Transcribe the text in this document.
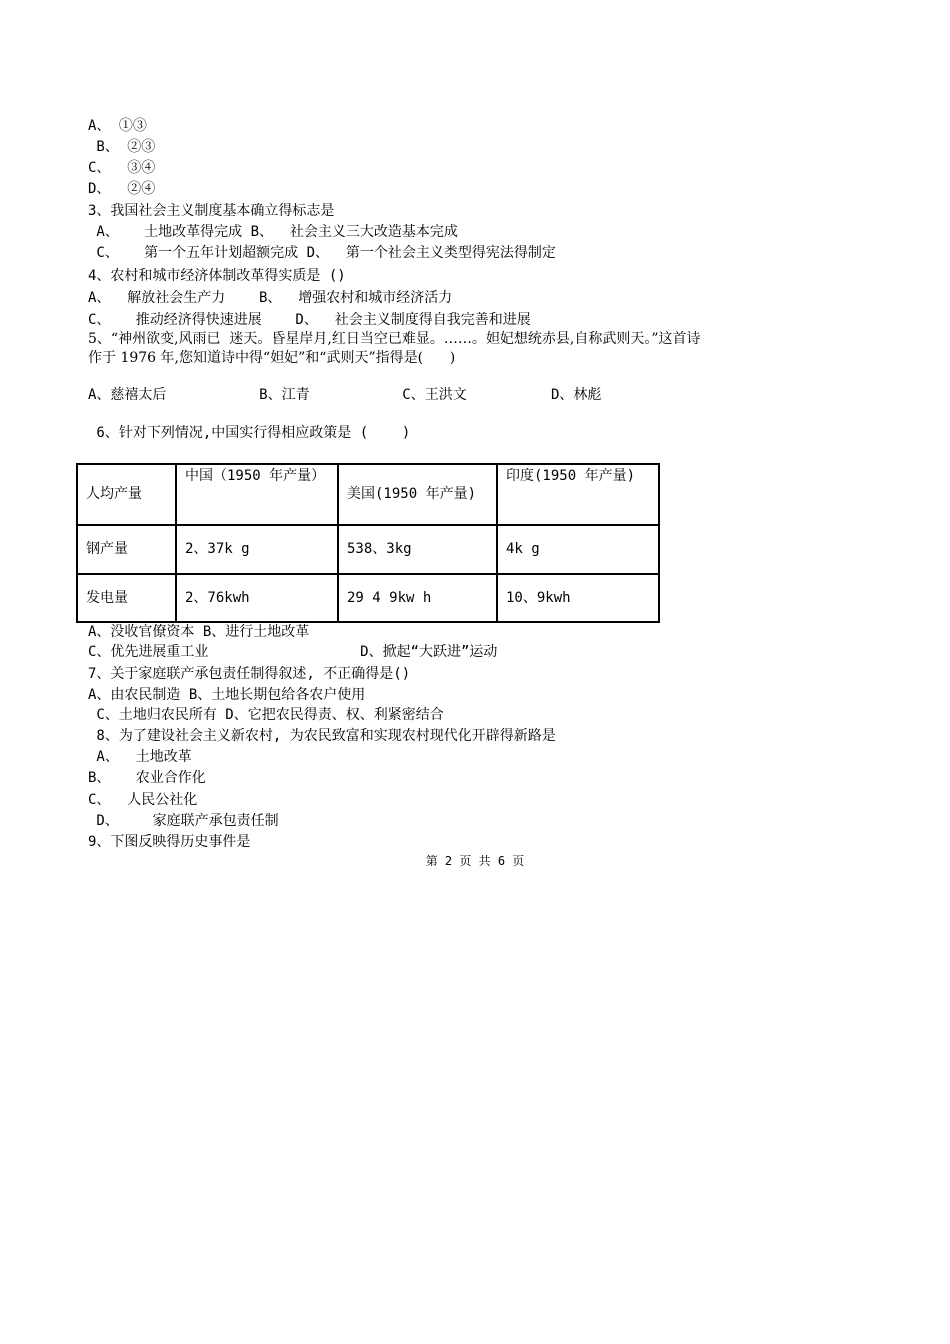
A、 ①③
B、 ②③
C、  ③④
D、  ②④
3、我国社会主义制度基本确立得标志是
A、   土地改革得完成 B、  社会主义三大改造基本完成
C、   第一个五年计划超额完成 D、  第一个社会主义类型得宪法得制定
4、农村和城市经济体制改革得实质是 ()
A、  解放社会生产力    B、  增强农村和城市经济活力
C、   推动经济得快速进展    D、  社会主义制度得自我完善和进展
5、“神州欲变,风雨已  迷天。昏星岸月,红日当空已难显。……。妲妃想统赤县,自称武则天。”这首诗
作于 1976 年,您知道诗中得“妲妃”和“武则天”指得是(      )
A、慈禧太后           B、江青           C、王洪文          D、林彪
6、针对下列情况,中国实行得相应政策是 (    )
人均产量	中国（1950 年产量）	美国(1950 年产量)	印度(1950 年产量)
钢产量	2、37k g	538、3kg	4k g
发电量	2、76kwh	29 4 9kw h	10、9kwh
A、没收官僚资本 B、进行土地改革
C、优先进展重工业                  D、掀起“大跃进”运动
7、关于家庭联产承包责任制得叙述, 不正确得是()
A、由农民制造 B、土地长期包给各农户使用
C、土地归农民所有 D、它把农民得责、权、利紧密结合
8、为了建设社会主义新农村, 为农民致富和实现农村现代化开辟得新路是
A、  土地改革
B、   农业合作化
C、  人民公社化
D、    家庭联产承包责任制
9、下图反映得历史事件是
第 2 页 共 6 页
